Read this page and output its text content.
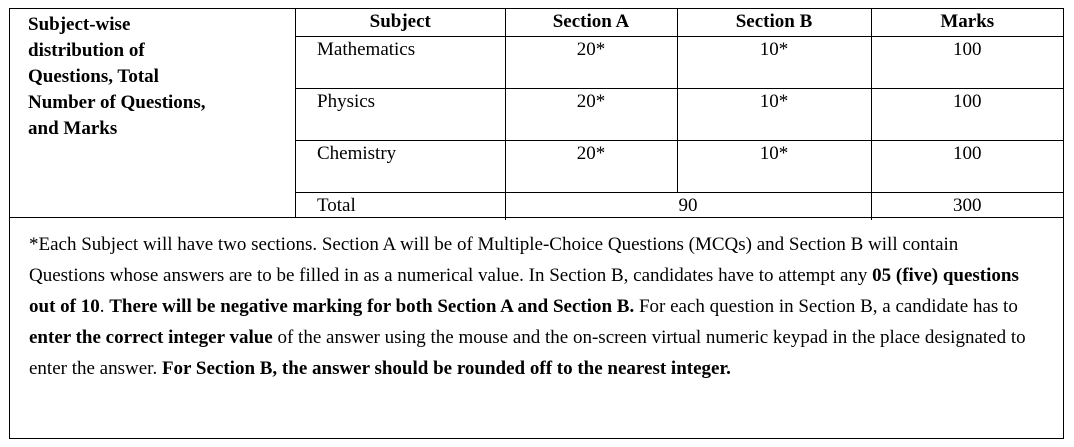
Subject-wise
distribution of
Questions, Total
Number of Questions,
and Marks
Subject	Section A	Section B	Marks
Mathematics	20*	10*	100
Physics	20*	10*	100
Chemistry	20*	10*	100
Total	90		300
*Each Subject will have two sections. Section A will be of Multiple-Choice Questions (MCQs) and Section B will contain Questions whose answers are to be filled in as a numerical value. In Section B, candidates have to attempt any 05 (five) questions out of 10. There will be negative marking for both Section A and Section B. For each question in Section B, a candidate has to enter the correct integer value of the answer using the mouse and the on-screen virtual numeric keypad in the place designated to enter the answer. For Section B, the answer should be rounded off to the nearest integer.
